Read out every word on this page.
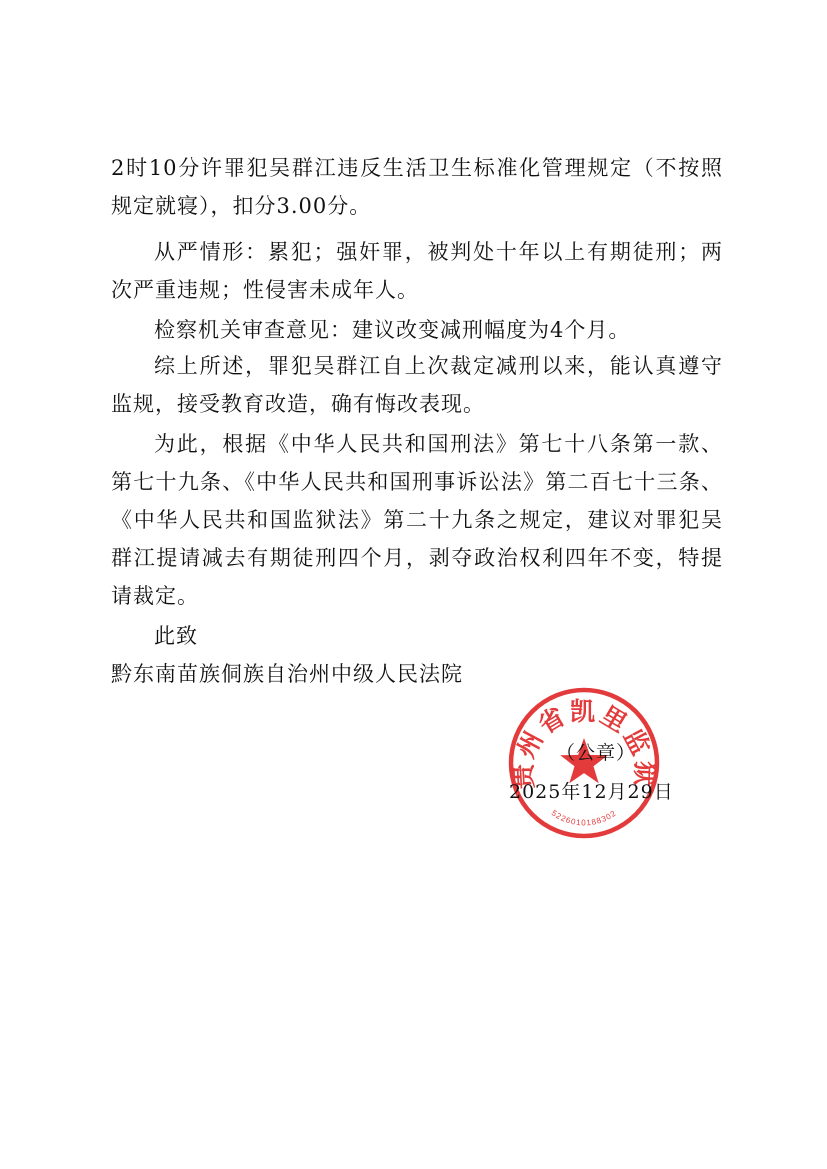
2时10分许罪犯吴群江违反生活卫生标准化管理规定（不按照规定就寝），扣分3.00分。

从严情形：累犯；强奸罪，被判处十年以上有期徒刑；两次严重违规；性侵害未成年人。

检察机关审查意见：建议改变减刑幅度为4个月。

综上所述，罪犯吴群江自上次裁定减刑以来，能认真遵守监规，接受教育改造，确有悔改表现。

为此，根据《中华人民共和国刑法》第七十八条第一款、第七十九条、《中华人民共和国刑事诉讼法》第二百七十三条、《中华人民共和国监狱法》第二十九条之规定，建议对罪犯吴群江提请减去有期徒刑四个月，剥夺政治权利四年不变，特提请裁定。

此致

黔东南苗族侗族自治州中级人民法院

贵州省凯里监狱
5226010188302
（公章）
2025年12月29日
